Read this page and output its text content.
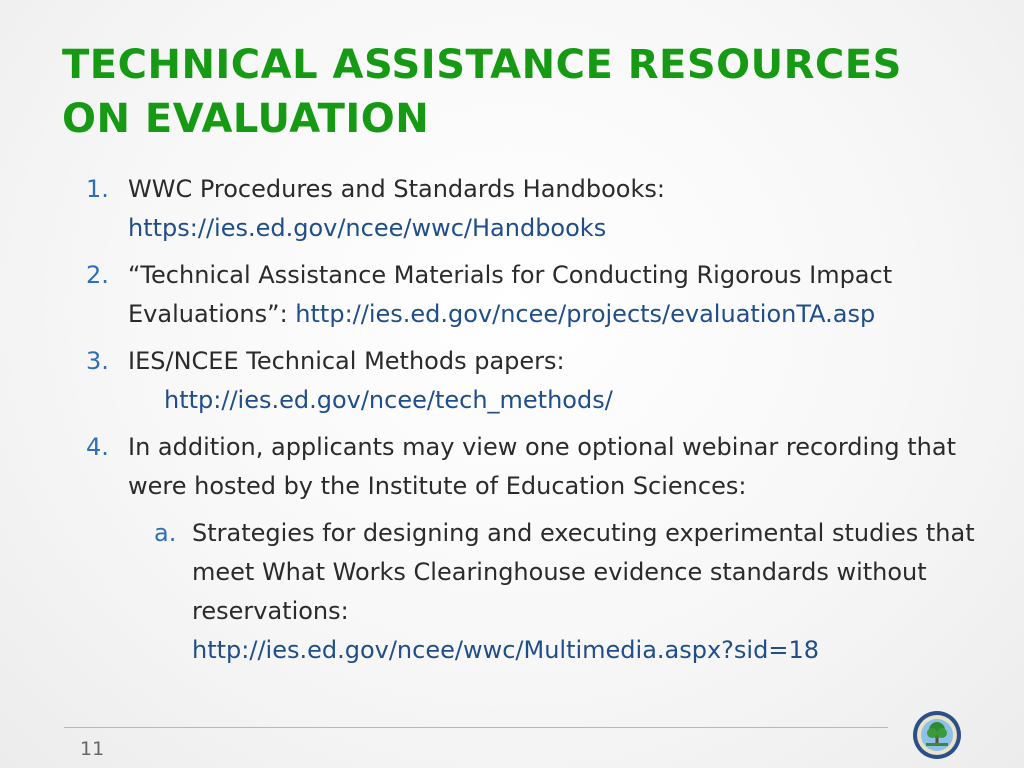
TECHNICAL ASSISTANCE RESOURCES ON EVALUATION
1. WWC Procedures and Standards Handbooks:
https://ies.ed.gov/ncee/wwc/Handbooks
2. “Technical Assistance Materials for Conducting Rigorous Impact Evaluations”: http://ies.ed.gov/ncee/projects/evaluationTA.asp
3. IES/NCEE Technical Methods papers:
http://ies.ed.gov/ncee/tech_methods/
4. In addition, applicants may view one optional webinar recording that were hosted by the Institute of Education Sciences:
a. Strategies for designing and executing experimental studies that meet What Works Clearinghouse evidence standards without reservations:
http://ies.ed.gov/ncee/wwc/Multimedia.aspx?sid=18
11
